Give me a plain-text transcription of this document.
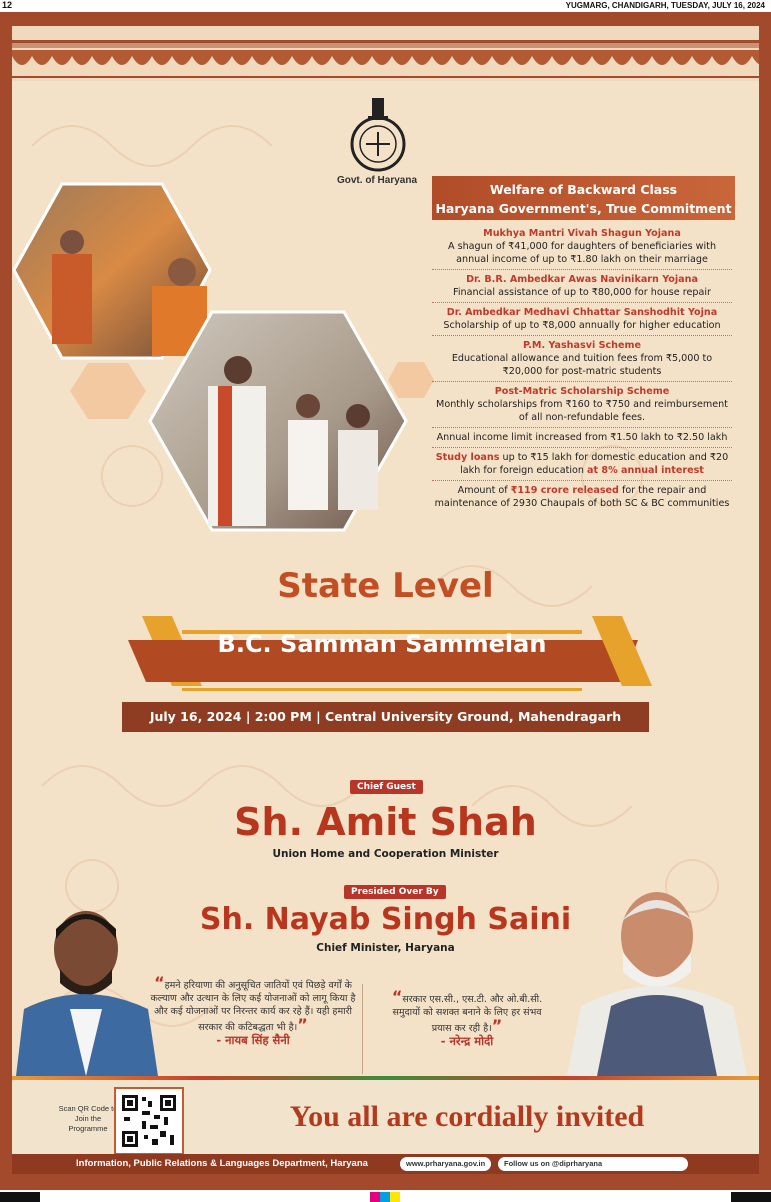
12	YUGMARG, CHANDIGARH, TUESDAY, JULY 16, 2024
Govt. of Haryana
Welfare of Backward Class
Haryana Government's, True Commitment
Mukhya Mantri Vivah Shagun Yojana
A shagun of ₹41,000 for daughters of beneficiaries with annual income of up to ₹1.80 lakh on their marriage
Dr. B.R. Ambedkar Awas Navinikarn Yojana
Financial assistance of up to ₹80,000 for house repair
Dr. Ambedkar Medhavi Chhattar Sanshodhit Yojna
Scholarship of up to ₹8,000 annually for higher education
P.M. Yashasvi Scheme
Educational allowance and tuition fees from ₹5,000 to ₹20,000 for post-matric students
Post-Matric Scholarship Scheme
Monthly scholarships from ₹160 to ₹750 and reimbursement of all non-refundable fees.
Annual income limit increased from ₹1.50 lakh to ₹2.50 lakh
Study loans up to ₹15 lakh for domestic education and ₹20 lakh for foreign education at 8% annual interest
Amount of ₹119 crore released for the repair and maintenance of 2930 Chaupals of both SC & BC communities
State Level
B.C. Samman Sammelan
July 16, 2024 | 2:00 PM | Central University Ground, Mahendragarh
Chief Guest
Sh. Amit Shah
Union Home and Cooperation Minister
Presided Over By
Sh. Nayab Singh Saini
Chief Minister, Haryana
“हमने हरियाणा की अनुसूचित जातियों एवं पिछड़े वर्गों के कल्याण और उत्थान के लिए कई योजनाओं को लागू किया है और कई योजनाओं पर निरन्तर कार्य कर रहे हैं। यही हमारी सरकार की कटिबद्धता भी है।”
- नायब सिंह सैनी
“सरकार एस.सी., एस.टी. और ओ.बी.सी. समुदायों को सशक्त बनाने के लिए हर संभव प्रयास कर रही है।”
- नरेन्द्र मोदी
Scan QR Code to Join the Programme	You all are cordially invited
Information, Public Relations & Languages Department, Haryana	www.prharyana.gov.in	Follow us on @diprharyana
